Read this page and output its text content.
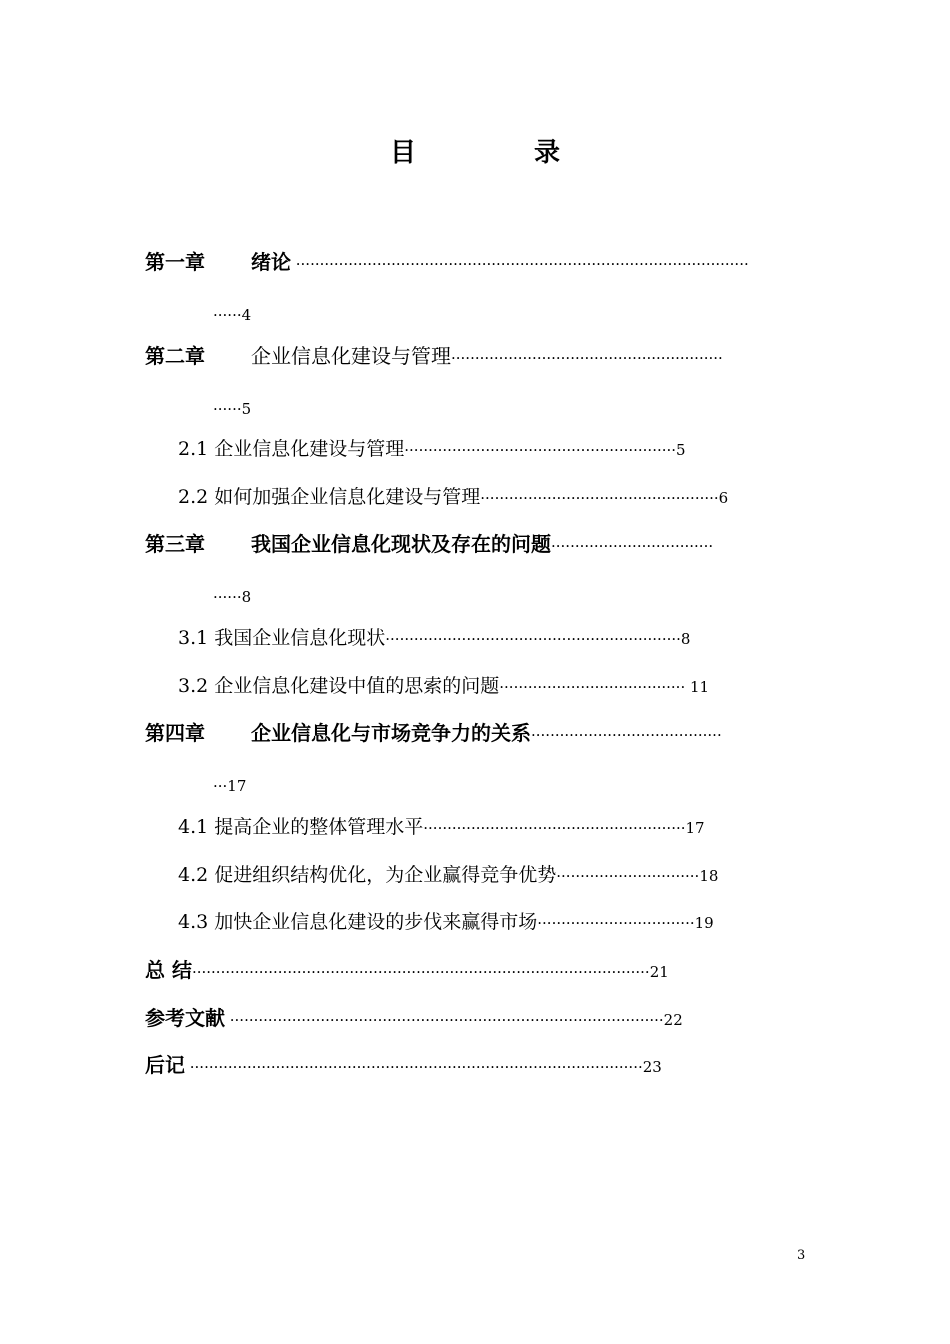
目　录
第一章 绪论 ·······························································································
······4
第二章 企业信息化建设与管理·························································
······5
2.1 企业信息化建设与管理·························································5
2.2 如何加强企业信息化建设与管理··················································6
第三章 我国企业信息化现状及存在的问题··································
······8
3.1 我国企业信息化现状······························································8
3.2 企业信息化建设中值的思索的问题······································· 11
第四章 企业信息化与市场竞争力的关系········································
···17
4.1 提高企业的整体管理水平·······················································17
4.2 促进组织结构优化，为企业赢得竞争优势······························18
4.3 加快企业信息化建设的步伐来赢得市场·································19
总 结································································································21
参考文献 ···························································································22
后记 ·······························································································23
3
